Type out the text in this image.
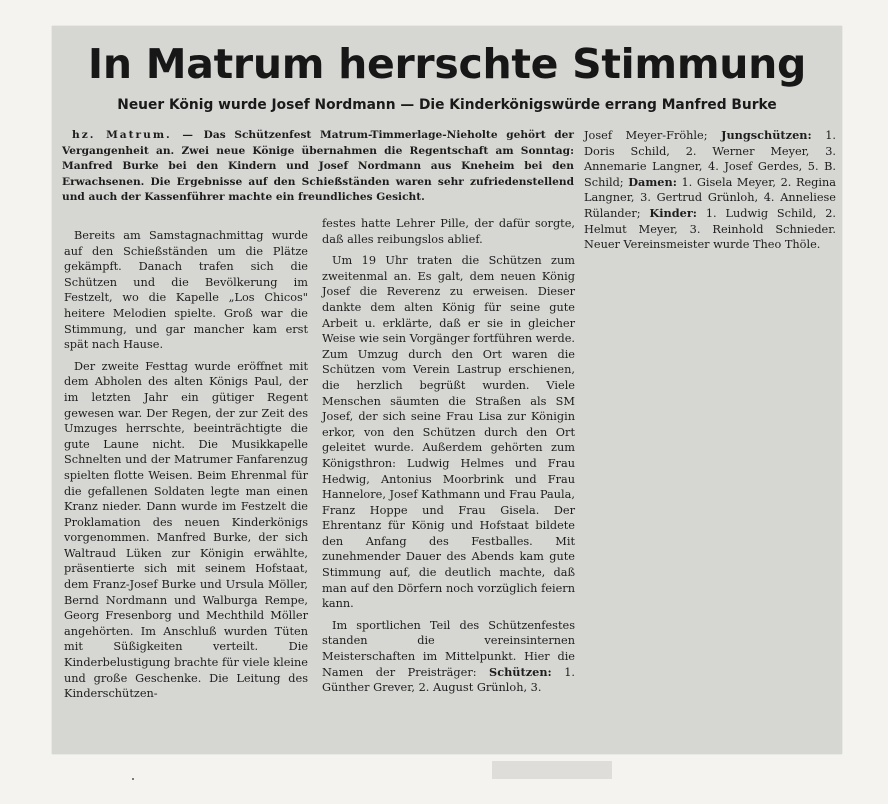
In Matrum herrschte Stimmung
Neuer König wurde Josef Nordmann — Die Kinderkönigswürde errang Manfred Burke

hz. Matrum. — Das Schützenfest Matrum-Timmerlage-Nieholte gehört der Vergangenheit an. Zwei neue Könige übernahmen die Regentschaft am Sonntag: Manfred Burke bei den Kindern und Josef Nordmann aus Kneheim bei den Erwachsenen. Die Ergebnisse auf den Schießständen waren sehr zufriedenstellend und auch der Kassenführer machte ein freundliches Gesicht.

Bereits am Samstagnachmittag wurde auf den Schießständen um die Plätze gekämpft. Danach trafen sich die Schützen und die Bevölkerung im Festzelt, wo die Kapelle „Los Chicos" heitere Melodien spielte. Groß war die Stimmung, und gar mancher kam erst spät nach Hause.

Der zweite Festtag wurde eröffnet mit dem Abholen des alten Königs Paul, der im letzten Jahr ein gütiger Regent gewesen war. Der Regen, der zur Zeit des Umzuges herrschte, beeinträchtigte die gute Laune nicht. Die Musikkapelle Schnelten und der Matrumer Fanfarenzug spielten flotte Weisen. Beim Ehrenmal für die gefallenen Soldaten legte man einen Kranz nieder. Dann wurde im Festzelt die Proklamation des neuen Kinderkönigs vorgenommen. Manfred Burke, der sich Waltraud Lüken zur Königin erwählte, präsentierte sich mit seinem Hofstaat, dem Franz-Josef Burke und Ursula Möller, Bernd Nordmann und Walburga Rempe, Georg Fresenborg und Mechthild Möller angehörten. Im Anschluß wurden Tüten mit Süßigkeiten verteilt. Die Kinderbelustigung brachte für viele kleine und große Geschenke. Die Leitung des Kinderschützen-

festes hatte Lehrer Pille, der dafür sorgte, daß alles reibungslos ablief.

Um 19 Uhr traten die Schützen zum zweitenmal an. Es galt, dem neuen König Josef die Reverenz zu erweisen. Dieser dankte dem alten König für seine gute Arbeit u. erklärte, daß er sie in gleicher Weise wie sein Vorgänger fortführen werde. Zum Umzug durch den Ort waren die Schützen vom Verein Lastrup erschienen, die herzlich begrüßt wurden. Viele Menschen säumten die Straßen als SM Josef, der sich seine Frau Lisa zur Königin erkor, von den Schützen durch den Ort geleitet wurde. Außerdem gehörten zum Königsthron: Ludwig Helmes und Frau Hedwig, Antonius Moorbrink und Frau Hannelore, Josef Kathmann und Frau Paula, Franz Hoppe und Frau Gisela. Der Ehrentanz für König und Hofstaat bildete den Anfang des Festballes. Mit zunehmender Dauer des Abends kam gute Stimmung auf, die deutlich machte, daß man auf den Dörfern noch vorzüglich feiern kann.

Im sportlichen Teil des Schützenfestes standen die vereinsinternen Meisterschaften im Mittelpunkt. Hier die Namen der Preisträger: Schützen: 1. Günther Grever, 2. August Grünloh, 3.

Josef Meyer-Fröhle; Jungschützen: 1. Doris Schild, 2. Werner Meyer, 3. Annemarie Langner, 4. Josef Gerdes, 5. B. Schild; Damen: 1. Gisela Meyer, 2. Regina Langner, 3. Gertrud Grünloh, 4. Anneliese Rülander; Kinder: 1. Ludwig Schild, 2. Helmut Meyer, 3. Reinhold Schnieder. Neuer Vereinsmeister wurde Theo Thöle.
